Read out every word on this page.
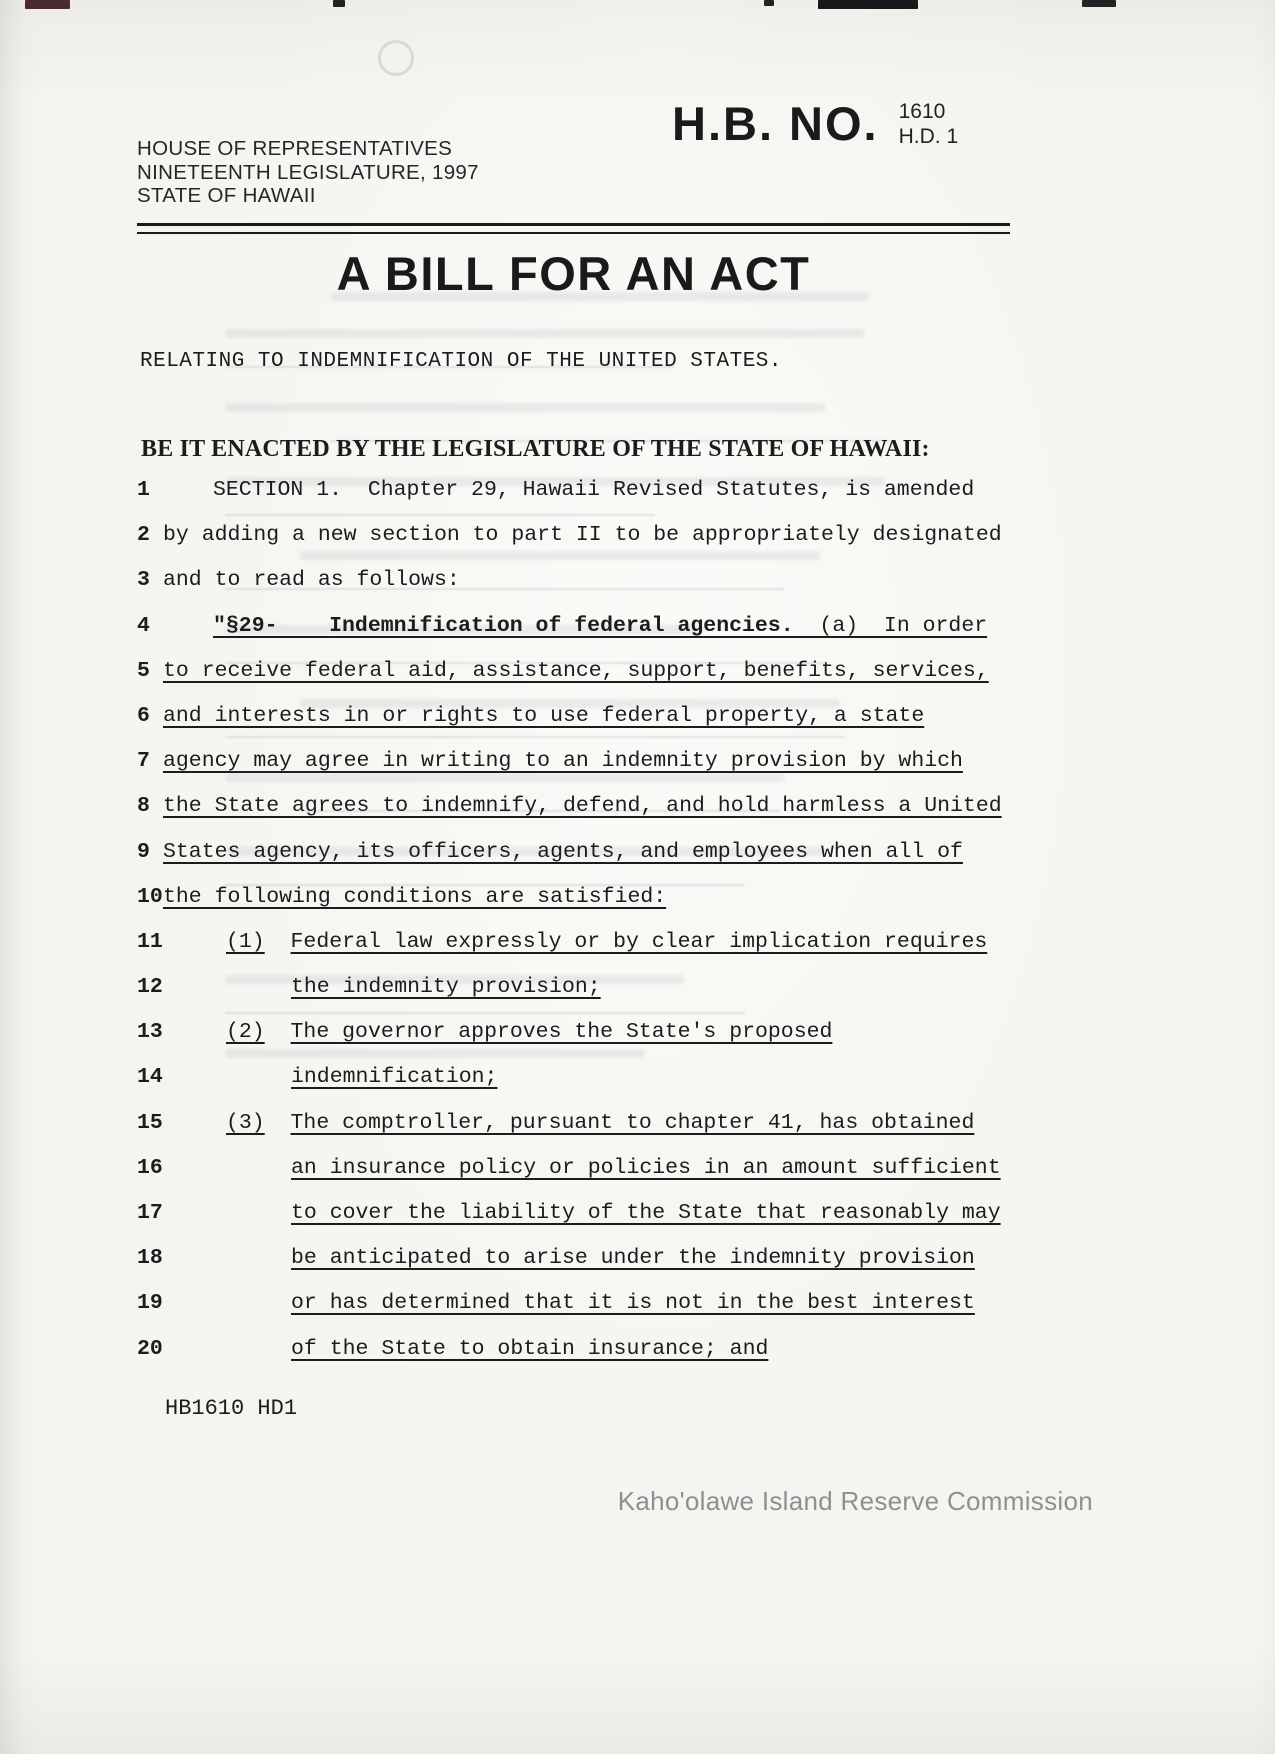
HOUSE OF REPRESENTATIVES
NINETEENTH LEGISLATURE, 1997
STATE OF HAWAII
H.B. NO. 1610
H.D. 1
A BILL FOR AN ACT
RELATING TO INDEMNIFICATION OF THE UNITED STATES.
BE IT ENACTED BY THE LEGISLATURE OF THE STATE OF HAWAII:
1	SECTION 1.  Chapter 29, Hawaii Revised Statutes, is amended
2 by adding a new section to part II to be appropriately designated
3 and to read as follows:
4	"§29-    Indemnification of federal agencies.  (a)  In order
5 to receive federal aid, assistance, support, benefits, services,
6 and interests in or rights to use federal property, a state
7 agency may agree in writing to an indemnity provision by which
8 the State agrees to indemnify, defend, and hold harmless a United
9 States agency, its officers, agents, and employees when all of
10 the following conditions are satisfied:
11	(1) Federal law expressly or by clear implication requires
12	the indemnity provision;
13	(2) The governor approves the State's proposed
14	indemnification;
15	(3) The comptroller, pursuant to chapter 41, has obtained
16	an insurance policy or policies in an amount sufficient
17	to cover the liability of the State that reasonably may
18	be anticipated to arise under the indemnity provision
19	or has determined that it is not in the best interest
20	of the State to obtain insurance; and
HB1610 HD1
Kaho'olawe Island Reserve Commission
